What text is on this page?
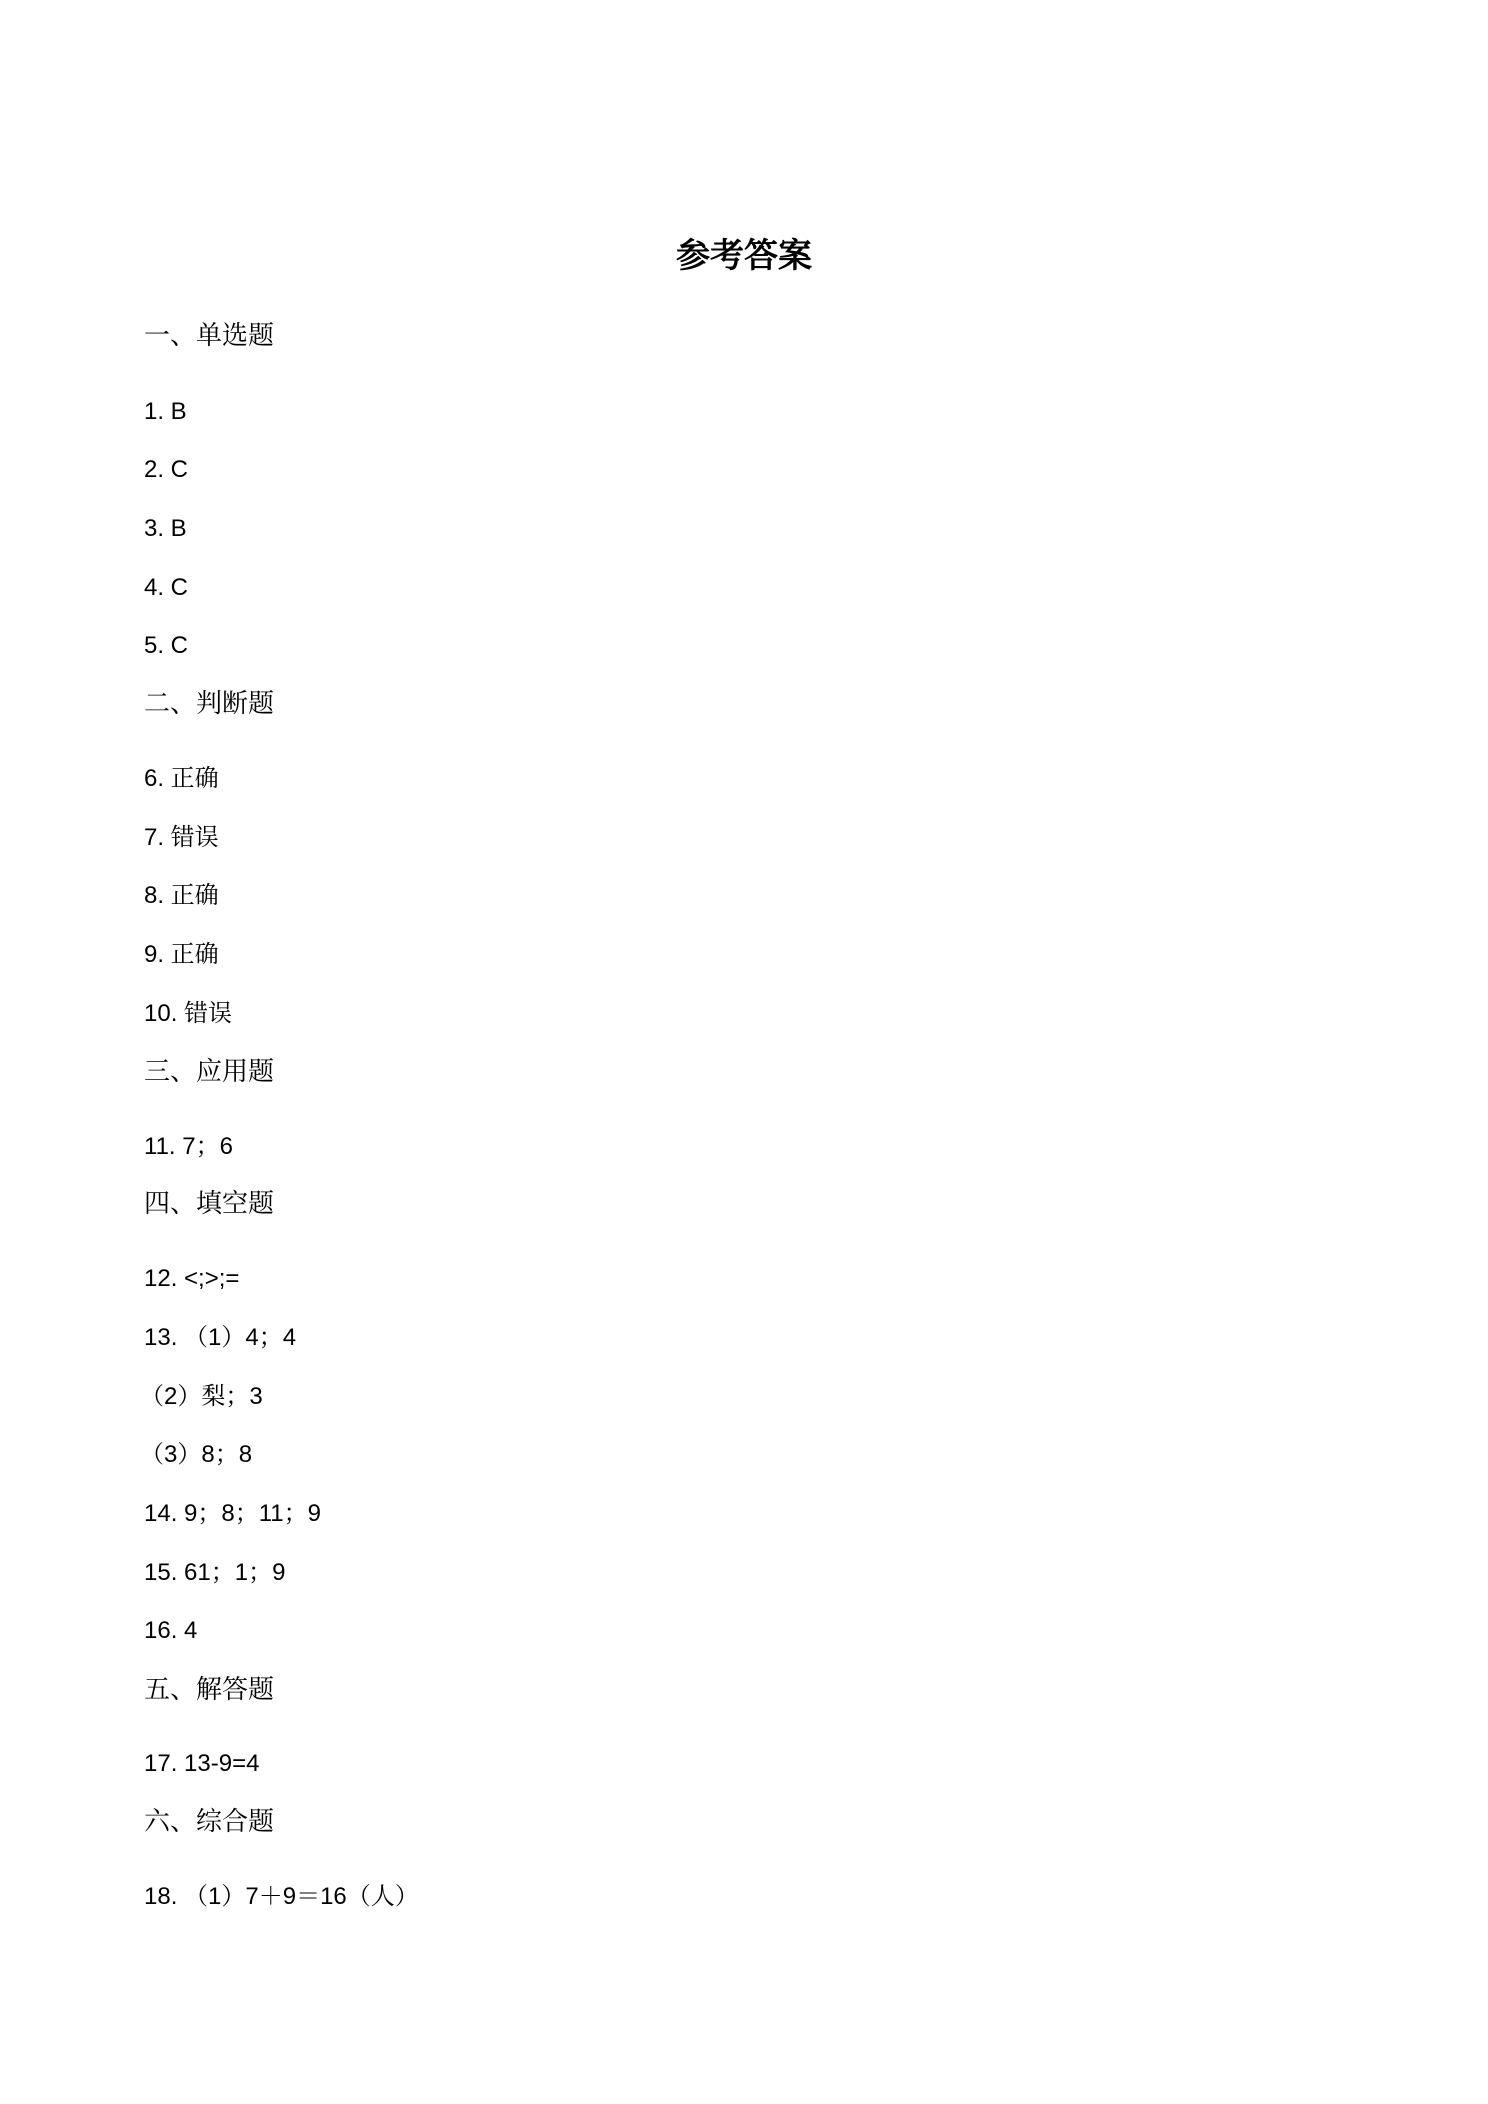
参考答案
一、单选题
1. B
2. C
3. B
4. C
5. C
二、判断题
6. 正确
7. 错误
8. 正确
9. 正确
10. 错误
三、应用题
11. 7；6
四、填空题
12. <;>;=
13. （1）4；4
（2）梨；3
（3）8；8
14. 9；8；11；9
15. 61；1；9
16. 4
五、解答题
17. 13-9=4
六、综合题
18. （1）7＋9＝16（人）
